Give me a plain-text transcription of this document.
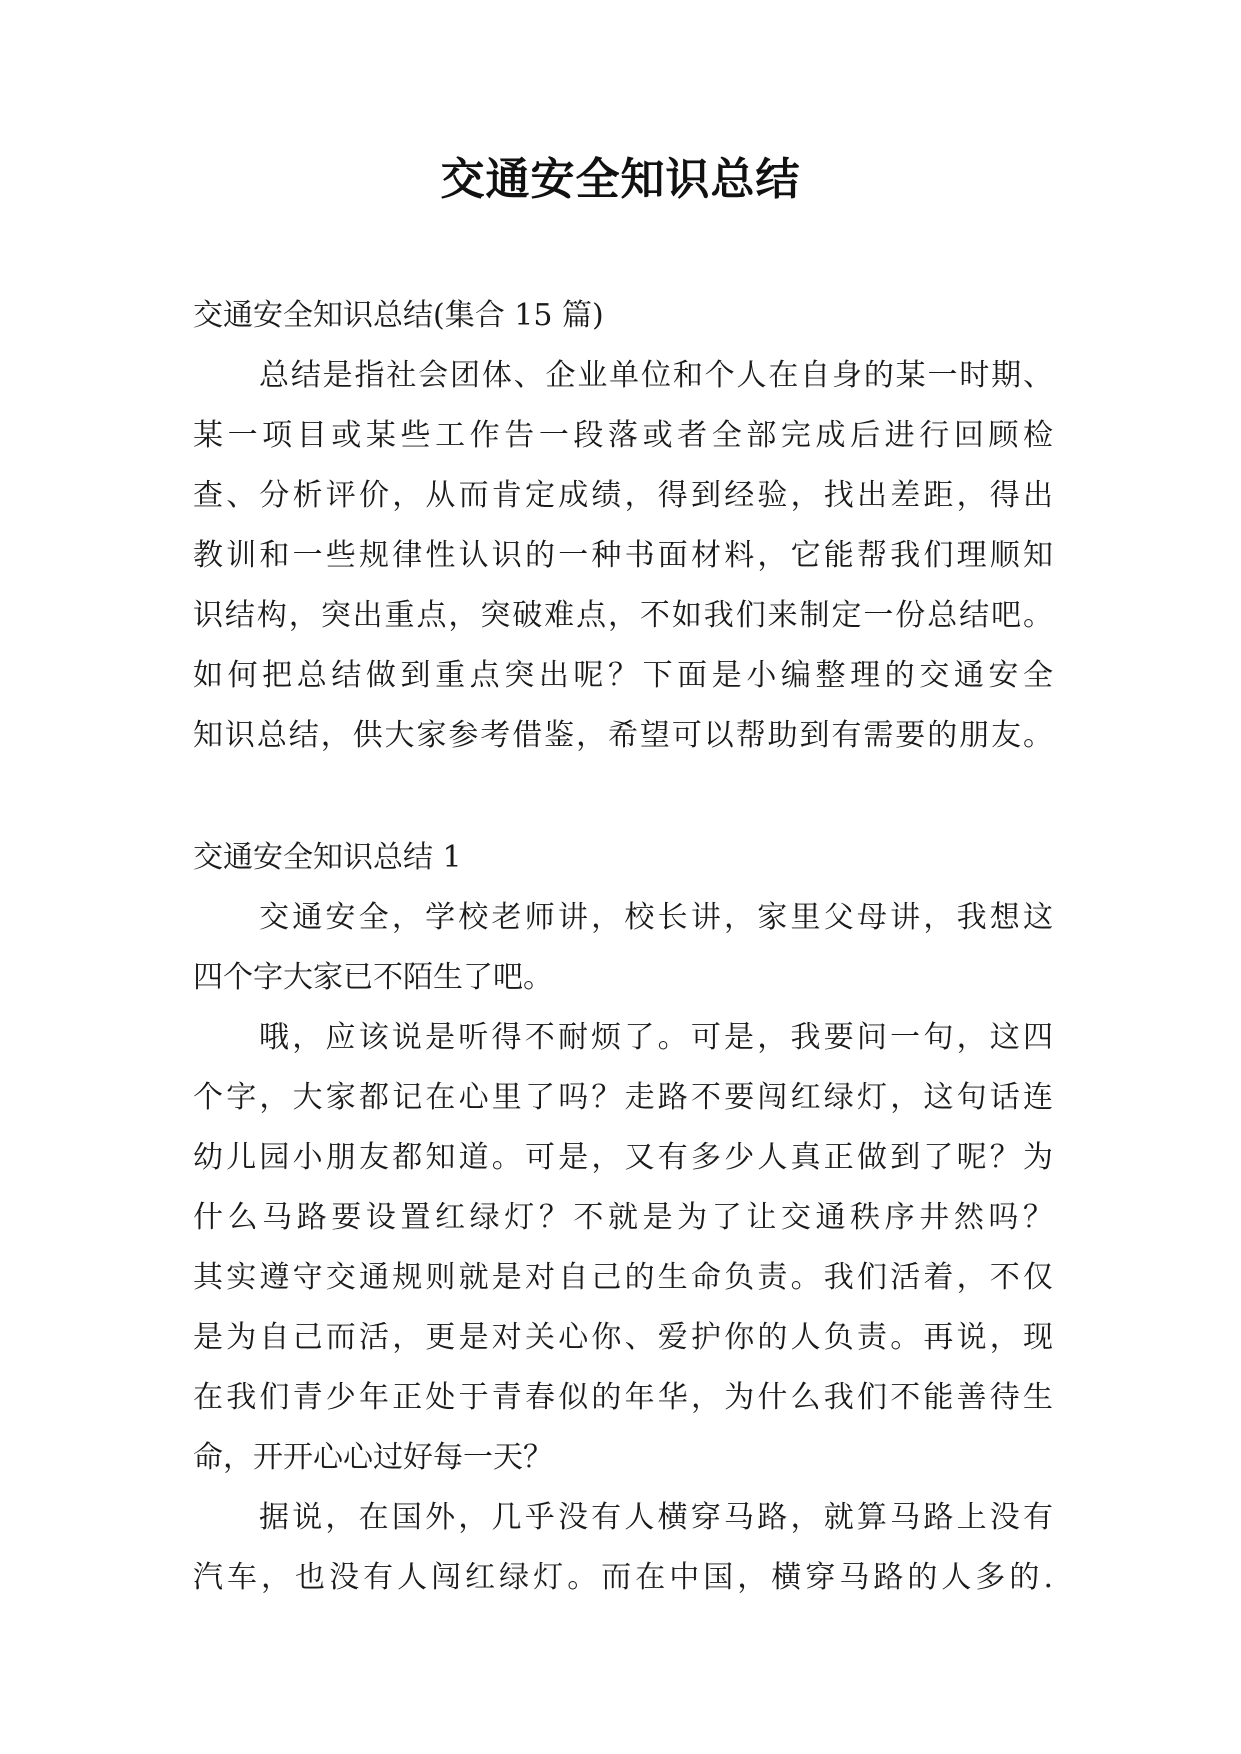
交通安全知识总结
交通安全知识总结(集合 15 篇)
总结是指社会团体、企业单位和个人在自身的某一时期、
某一项目或某些工作告一段落或者全部完成后进行回顾检
查、分析评价，从而肯定成绩，得到经验，找出差距，得出
教训和一些规律性认识的一种书面材料，它能帮我们理顺知
识结构，突出重点，突破难点，不如我们来制定一份总结吧。
如何把总结做到重点突出呢？下面是小编整理的交通安全
知识总结，供大家参考借鉴，希望可以帮助到有需要的朋友。
交通安全知识总结 1
交通安全，学校老师讲，校长讲，家里父母讲，我想这
四个字大家已不陌生了吧。
哦，应该说是听得不耐烦了。可是，我要问一句，这四
个字，大家都记在心里了吗？走路不要闯红绿灯，这句话连
幼儿园小朋友都知道。可是，又有多少人真正做到了呢？为
什么马路要设置红绿灯？不就是为了让交通秩序井然吗？
其实遵守交通规则就是对自己的生命负责。我们活着，不仅
是为自己而活，更是对关心你、爱护你的人负责。再说，现
在我们青少年正处于青春似的年华，为什么我们不能善待生
命，开开心心过好每一天？
据说，在国外，几乎没有人横穿马路，就算马路上没有
汽车，也没有人闯红绿灯。而在中国，横穿马路的人多的.
